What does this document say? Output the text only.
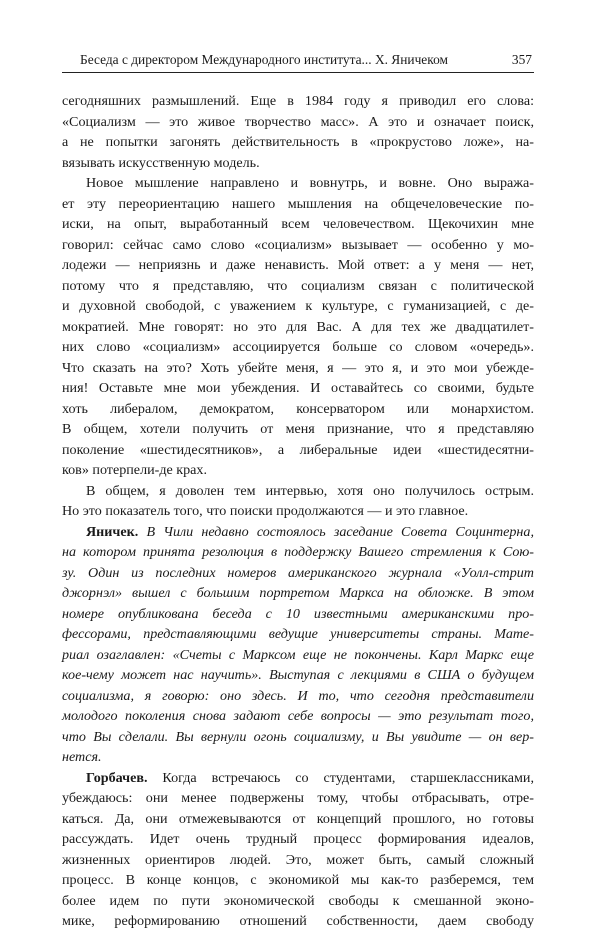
Беседа с директором Международного института... Х. Яничеком	357
сегодняшних размышлений. Еще в 1984 году я приводил его слова:
«Социализм — это живое творчество масс». А это и означает поиск,
а не попытки загонять действительность в «прокрустово ложе», на-
вязывать искусственную модель.
Новое мышление направлено и вовнутрь, и вовне. Оно выража-
ет эту переориентацию нашего мышления на общечеловеческие по-
иски, на опыт, выработанный всем человечеством. Щекочихин мне
говорил: сейчас само слово «социализм» вызывает — особенно у мо-
лодежи — неприязнь и даже ненависть. Мой ответ: а у меня — нет,
потому что я представляю, что социализм связан с политической
и духовной свободой, с уважением к культуре, с гуманизацией, с де-
мократией. Мне говорят: но это для Вас. А для тех же двадцатилет-
них слово «социализм» ассоциируется больше со словом «очередь».
Что сказать на это? Хоть убейте меня, я — это я, и это мои убежде-
ния! Оставьте мне мои убеждения. И оставайтесь со своими, будьте
хоть либералом, демократом, консерватором или монархистом.
В общем, хотели получить от меня признание, что я представляю
поколение «шестидесятников», а либеральные идеи «шестидесятни-
ков» потерпели-де крах.
В общем, я доволен тем интервью, хотя оно получилось острым.
Но это показатель того, что поиски продолжаются — и это главное.
Яничек. В Чили недавно состоялось заседание Совета Социнтерна,
на котором принята резолюция в поддержку Вашего стремления к Сою-
зу. Один из последних номеров американского журнала «Уолл-стрит
джорнэл» вышел с большим портретом Маркса на обложке. В этом
номере опубликована беседа с 10 известными американскими про-
фессорами, представляющими ведущие университеты страны. Мате-
риал озаглавлен: «Счеты с Марксом еще не покончены. Карл Маркс еще
кое-чему может нас научить». Выступая с лекциями в США о будущем
социализма, я говорю: оно здесь. И то, что сегодня представители
молодого поколения снова задают себе вопросы — это результат того,
что Вы сделали. Вы вернули огонь социализму, и Вы увидите — он вер-
нется.
Горбачев. Когда встречаюсь со студентами, старшеклассниками,
убеждаюсь: они менее подвержены тому, чтобы отбрасывать, отре-
каться. Да, они отмежевываются от концепций прошлого, но готовы
рассуждать. Идет очень трудный процесс формирования идеалов,
жизненных ориентиров людей. Это, может быть, самый сложный
процесс. В конце концов, с экономикой мы как-то разберемся, тем
более идем по пути экономической свободы к смешанной эконо-
мике, реформированию отношений собственности, даем свободу
